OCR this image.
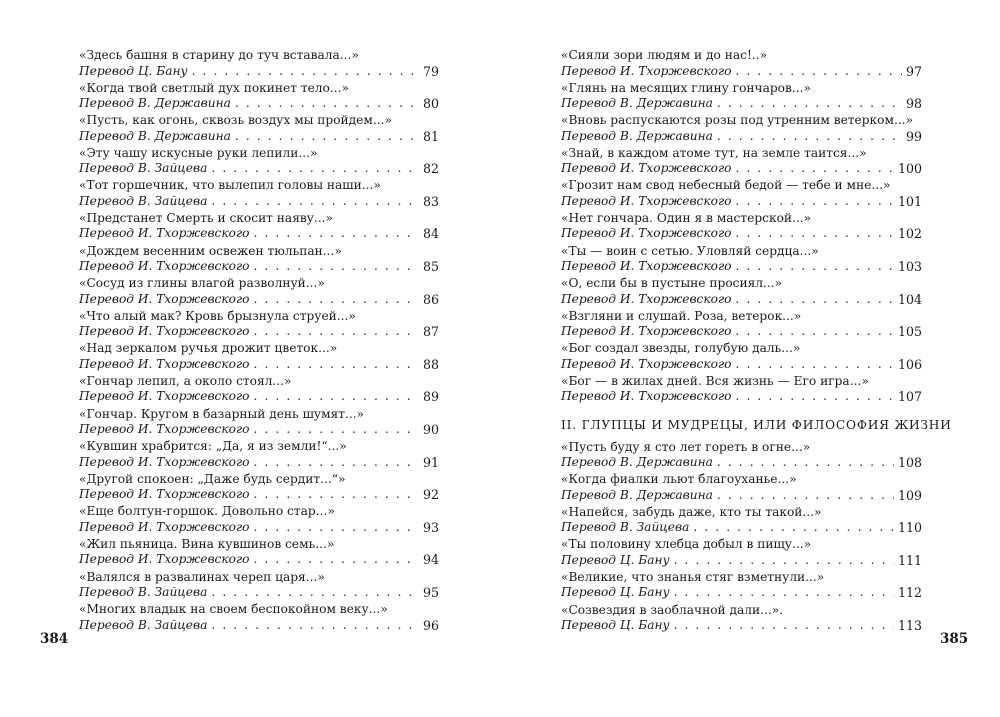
«Здесь башня в старину до туч вставала...»
Перевод Ц. Бану . . .	79
«Когда твой светлый дух покинет тело...»
Перевод В. Державина . . .	80
«Пусть, как огонь, сквозь воздух мы пройдем...»
Перевод В. Державина . . .	81
«Эту чашу искусные руки лепили...»
Перевод В. Зайцева . . .	82
«Тот горшечник, что вылепил головы наши...»
Перевод В. Зайцева . . .	83
«Предстанет Смерть и скосит наяву...»
Перевод И. Тхоржевского . . .	84
«Дождем весенним освежен тюльпан...»
Перевод И. Тхоржевского . . .	85
«Сосуд из глины влагой разволнуй...»
Перевод И. Тхоржевского . . .	86
«Что алый мак? Кровь брызнула струей...»
Перевод И. Тхоржевского . . .	87
«Над зеркалом ручья дрожит цветок...»
Перевод И. Тхоржевского . . .	88
«Гончар лепил, а около стоял...»
Перевод И. Тхоржевского . . .	89
«Гончар. Кругом в базарный день шумят...»
Перевод И. Тхоржевского . . .	90
«Кувшин храбрится: „Да, я из земли!“...»
Перевод И. Тхоржевского . . .	91
«Другой спокоен: „Даже будь сердит...“»
Перевод И. Тхоржевского . . .	92
«Еще болтун-горшок. Довольно стар...»
Перевод И. Тхоржевского . . .	93
«Жил пьяница. Вина кувшинов семь...»
Перевод И. Тхоржевского . . .	94
«Валялся в развалинах череп царя...»
Перевод В. Зайцева . . .	95
«Многих владык на своем беспокойном веку...»
Перевод В. Зайцева . . .	96
«Сияли зори людям и до нас!..»
Перевод И. Тхоржевского . . .	97
«Глянь на месящих глину гончаров...»
Перевод В. Державина . . .	98
«Вновь распускаются розы под утренним ветерком...»
Перевод В. Державина . . .	99
«Знай, в каждом атоме тут, на земле таится...»
Перевод И. Тхоржевского . . .	100
«Грозит нам свод небесный бедой — тебе и мне...»
Перевод И. Тхоржевского . . .	101
«Нет гончара. Один я в мастерской...»
Перевод И. Тхоржевского . . .	102
«Ты — воин с сетью. Уловляй сердца...»
Перевод И. Тхоржевского . . .	103
«О, если бы в пустыне просиял...»
Перевод И. Тхоржевского . . .	104
«Взгляни и слушай. Роза, ветерок...»
Перевод И. Тхоржевского . . .	105
«Бог создал звезды, голубую даль...»
Перевод И. Тхоржевского . . .	106
«Бог — в жилах дней. Вся жизнь — Его игра...»
Перевод И. Тхоржевского . . .	107
II. ГЛУПЦЫ И МУДРЕЦЫ, ИЛИ ФИЛОСОФИЯ ЖИЗНИ
«Пусть буду я сто лет гореть в огне...»
Перевод В. Державина . . .	108
«Когда фиалки льют благоуханье...»
Перевод В. Державина . . .	109
«Напейся, забудь даже, кто ты такой...»
Перевод В. Зайцева . . .	110
«Ты половину хлебца добыл в пищу...»
Перевод Ц. Бану . . .	111
«Великие, что знанья стяг взметнули...»
Перевод Ц. Бану . . .	112
«Созвездия в заоблачной дали...».
Перевод Ц. Бану . . .	113
384	385
